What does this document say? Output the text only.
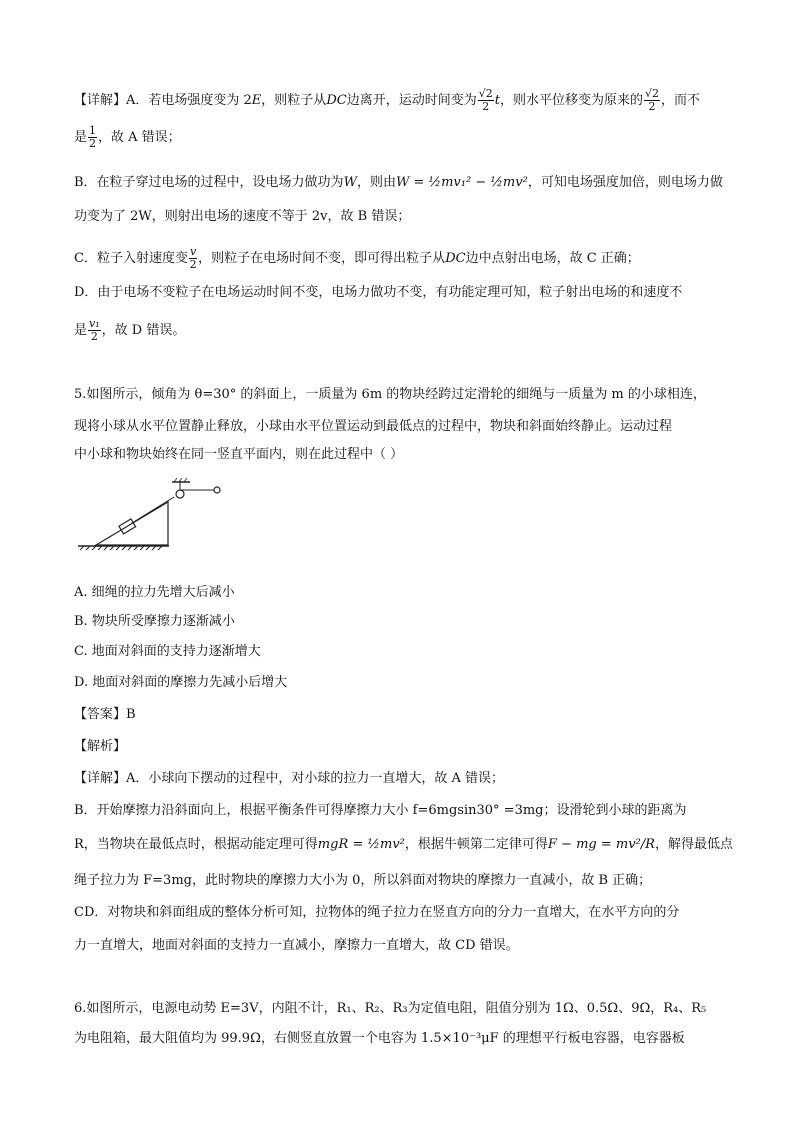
【详解】A．若电场强度变为 2E，则粒子从DC边离开，运动时间变为 $\frac{√2}{2}$ t，则水平位移变为原来的 $\frac{√2}{2}$ ，而不
是 $\frac{1}{2}$ ，故 A 错误；
B．在粒子穿过电场的过程中，设电场力做功为W，则由W = ½mv₁² − ½mv²，可知电场强度加倍，则电场力做
功变为了 2W，则射出电场的速度不等于 2v，故 B 错误；
C．粒子入射速度变 $\frac{v}{2}$ ，则粒子在电场时间不变，即可得出粒子从DC边中点射出电场，故 C 正确；
D．由于电场不变粒子在电场运动时间不变，电场力做功不变，有功能定理可知，粒子射出电场的和速度不
是 $\frac{\text{v₁}}{2}$ ，故 D 错误。
5.如图所示，倾角为 θ=30° 的斜面上，一质量为 6m 的物块经跨过定滑轮的细绳与一质量为 m 的小球相连，
现将小球从水平位置静止释放，小球由水平位置运动到最低点的过程中，物块和斜面始终静止。运动过程
中小球和物块始终在同一竖直平面内，则在此过程中（ ）
A. 细绳的拉力先增大后减小
B. 物块所受摩擦力逐渐减小
C. 地面对斜面的支持力逐渐增大
D. 地面对斜面的摩擦力先减小后增大
【答案】B
【解析】
【详解】A．小球向下摆动的过程中，对小球的拉力一直增大，故 A 错误；
B．开始摩擦力沿斜面向上，根据平衡条件可得摩擦力大小 f=6mgsin30° =3mg；设滑轮到小球的距离为
R，当物块在最低点时，根据动能定理可得mgR = ½mv²，根据牛顿第二定律可得F − mg = mv²/R，解得最低点
绳子拉力为 F=3mg，此时物块的摩擦力大小为 0，所以斜面对物块的摩擦力一直减小，故 B 正确；
CD．对物块和斜面组成的整体分析可知，拉物体的绳子拉力在竖直方向的分力一直增大，在水平方向的分
力一直增大，地面对斜面的支持力一直减小，摩擦力一直增大，故 CD 错误。
6.如图所示，电源电动势 E=3V，内阻不计，R₁、R₂、R₃为定值电阻，阻值分别为 1Ω、0.5Ω、9Ω，R₄、R₅
为电阻箱，最大阻值均为 99.9Ω，右侧竖直放置一个电容为 1.5×10⁻³μF 的理想平行板电容器，电容器板
